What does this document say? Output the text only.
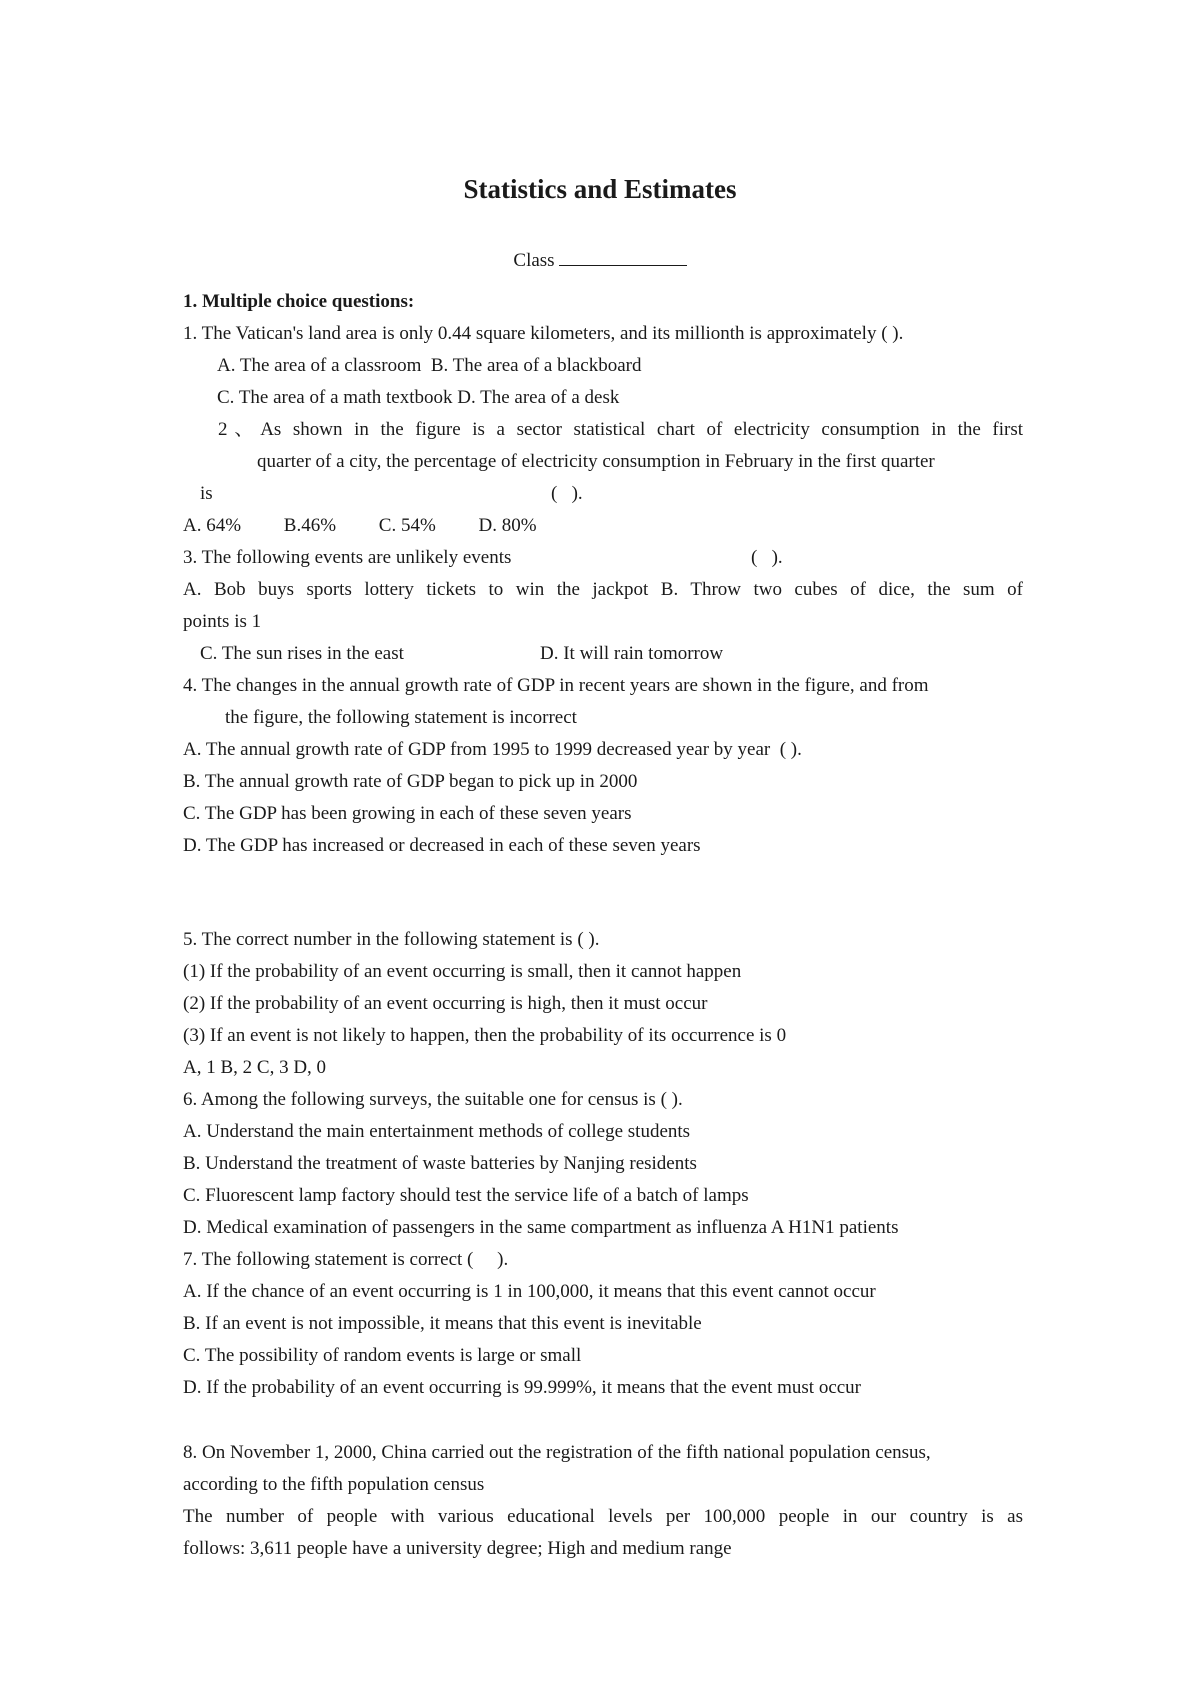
Statistics and Estimates
Class
1. Multiple choice questions:
1. The Vatican's land area is only 0.44 square kilometers, and its millionth is approximately ( ).
A. The area of a classroom  B. The area of a blackboard
C. The area of a math textbook D. The area of a desk
2、As shown in the figure is a sector statistical chart of electricity consumption in the first
quarter of a city, the percentage of electricity consumption in February in the first quarter
is	(   ).
A. 64%         B.46%         C. 54%         D. 80%
3. The following events are unlikely events	(   ).
A. Bob buys sports lottery tickets to win the jackpot B. Throw two cubes of dice, the sum of
points is 1
C. The sun rises in the east	D. It will rain tomorrow
4. The changes in the annual growth rate of GDP in recent years are shown in the figure, and from
the figure, the following statement is incorrect
A. The annual growth rate of GDP from 1995 to 1999 decreased year by year  ( ).
B. The annual growth rate of GDP began to pick up in 2000
C. The GDP has been growing in each of these seven years
D. The GDP has increased or decreased in each of these seven years
5. The correct number in the following statement is ( ).
(1) If the probability of an event occurring is small, then it cannot happen
(2) If the probability of an event occurring is high, then it must occur
(3) If an event is not likely to happen, then the probability of its occurrence is 0
A, 1 B, 2 C, 3 D, 0
6. Among the following surveys, the suitable one for census is ( ).
A. Understand the main entertainment methods of college students
B. Understand the treatment of waste batteries by Nanjing residents
C. Fluorescent lamp factory should test the service life of a batch of lamps
D. Medical examination of passengers in the same compartment as influenza A H1N1 patients
7. The following statement is correct (     ).
A. If the chance of an event occurring is 1 in 100,000, it means that this event cannot occur
B. If an event is not impossible, it means that this event is inevitable
C. The possibility of random events is large or small
D. If the probability of an event occurring is 99.999%, it means that the event must occur
8. On November 1, 2000, China carried out the registration of the fifth national population census,
according to the fifth population census
The number of people with various educational levels per 100,000 people in our country is as
follows: 3,611 people have a university degree; High and medium range
